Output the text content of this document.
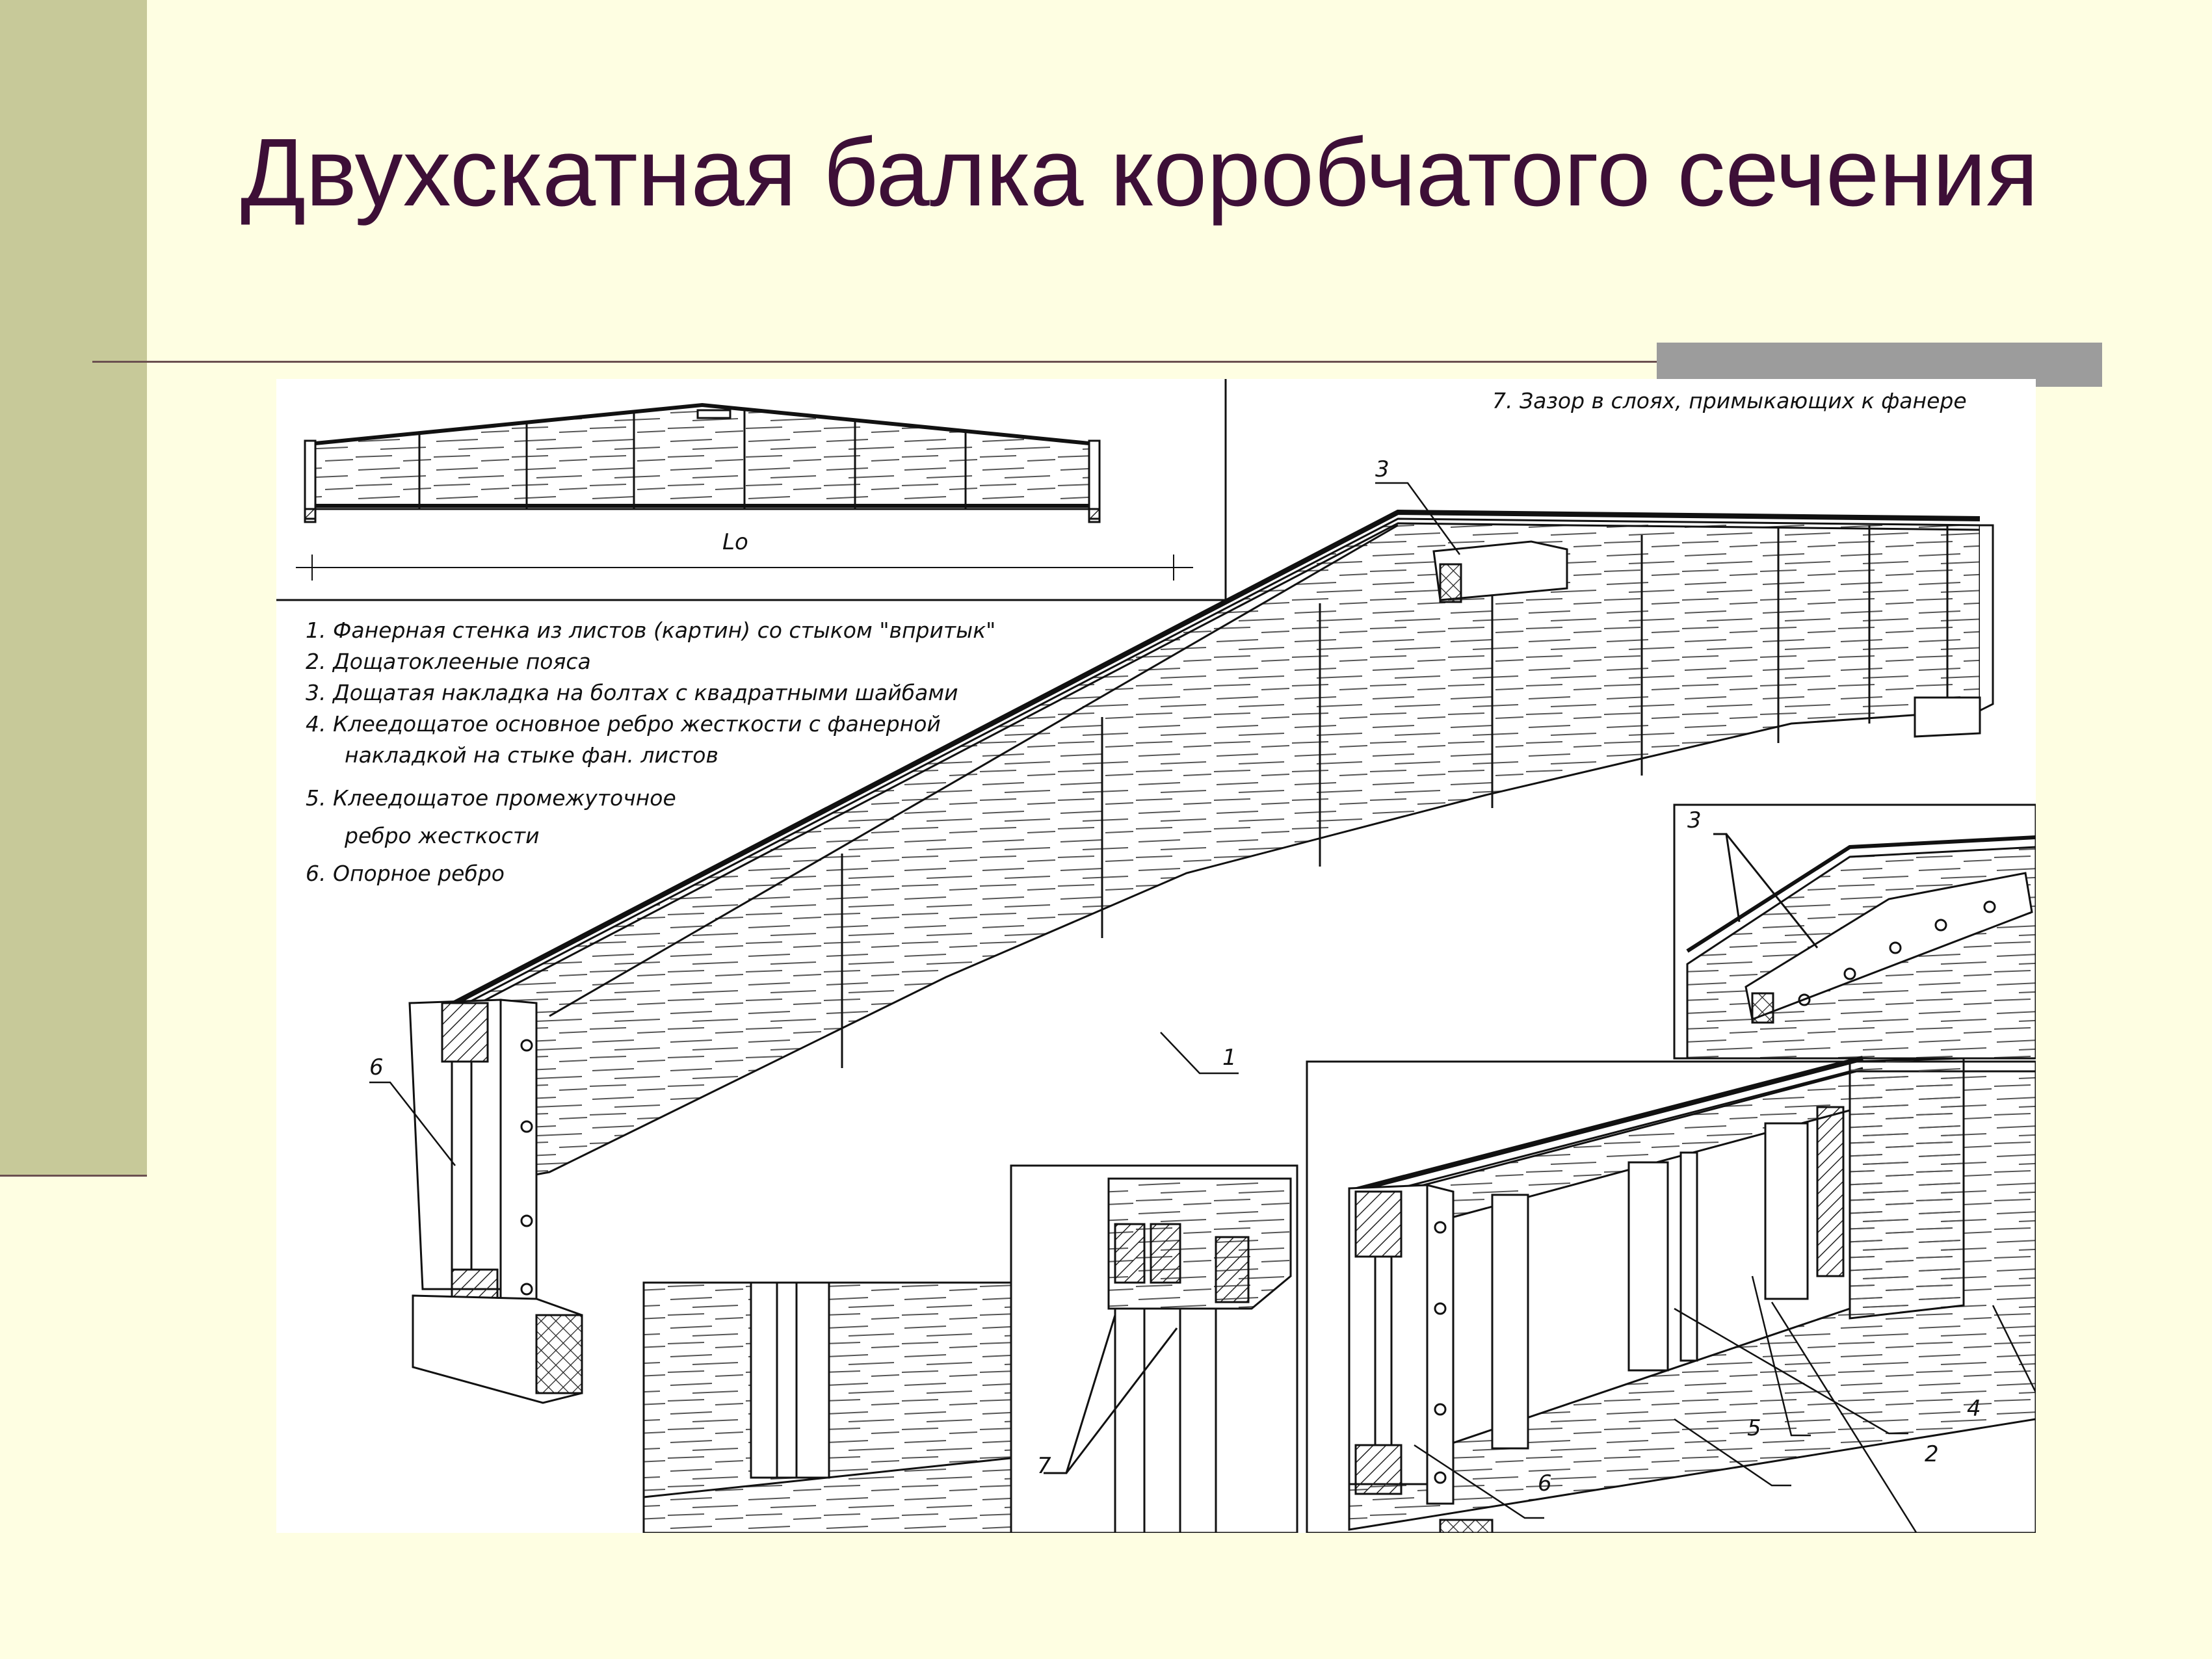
Двухскатная балка коробчатого сечения
Lo
1. Фанерная стенка из листов (картин) со стыком "впритык"
2. Дощатоклееные пояса
3. Дощатая накладка на болтах с квадратными шайбами
4. Клеедощатое основное ребро жесткости с фанерной
накладкой на стыке фан. листов
5. Клеедощатое промежуточное
ребро жесткости
6. Опорное ребро
7. Зазор в слоях, примыкающих к фанере
3
6	1
3
7	2
5
4
6
